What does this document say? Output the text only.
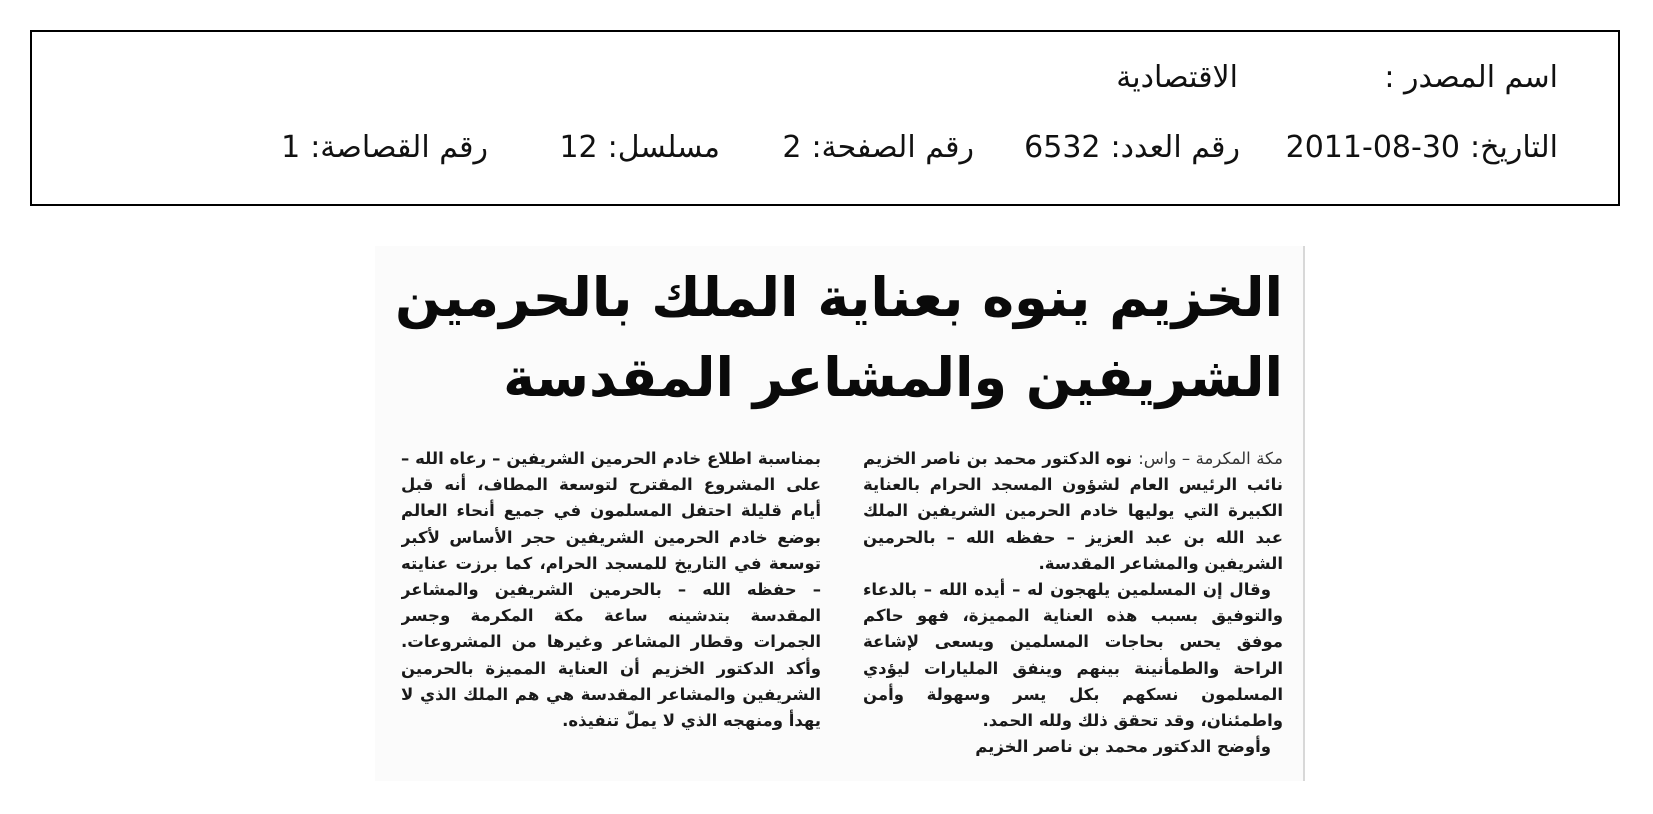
اسم المصدر :
الاقتصادية
التاريخ:30-08-2011
رقم العدد:6532
رقم الصفحة:2
مسلسل:12
رقم القصاصة:1
الخزيم ينوه بعناية الملك بالحرمين
الشريفين والمشاعر المقدسة

مكة المكرمة – واس: نوه الدكتور محمد بن ناصر الخزيم نائب الرئيس العام لشؤون المسجد الحرام بالعناية الكبيرة التي يوليها خادم الحرمين الشريفين الملك عبد الله بن عبد العزيز – حفظه الله – بالحرمين الشريفين والمشاعر المقدسة.

وقال إن المسلمين يلهجون له – أيده الله – بالدعاء والتوفيق بسبب هذه العناية المميزة، فهو حاكم موفق يحس بحاجات المسلمين ويسعى لإشاعة الراحة والطمأنينة بينهم وينفق المليارات ليؤدي المسلمون نسكهم بكل يسر وسهولة وأمن واطمئنان، وقد تحقق ذلك ولله الحمد.

وأوضح الدكتور محمد بن ناصر الخزيم

بمناسبة اطلاع خادم الحرمين الشريفين – رعاه الله – على المشروع المقترح لتوسعة المطاف، أنه قبل أيام قليلة احتفل المسلمون في جميع أنحاء العالم بوضع خادم الحرمين الشريفين حجر الأساس لأكبر توسعة في التاريخ للمسجد الحرام، كما برزت عنايته – حفظه الله – بالحرمين الشريفين والمشاعر المقدسة بتدشينه ساعة مكة المكرمة وجسر الجمرات وقطار المشاعر وغيرها من المشروعات. وأكد الدكتور الخزيم أن العناية المميزة بالحرمين الشريفين والمشاعر المقدسة هي هم الملك الذي لا يهدأ ومنهجه الذي لا يملّ تنفيذه.
